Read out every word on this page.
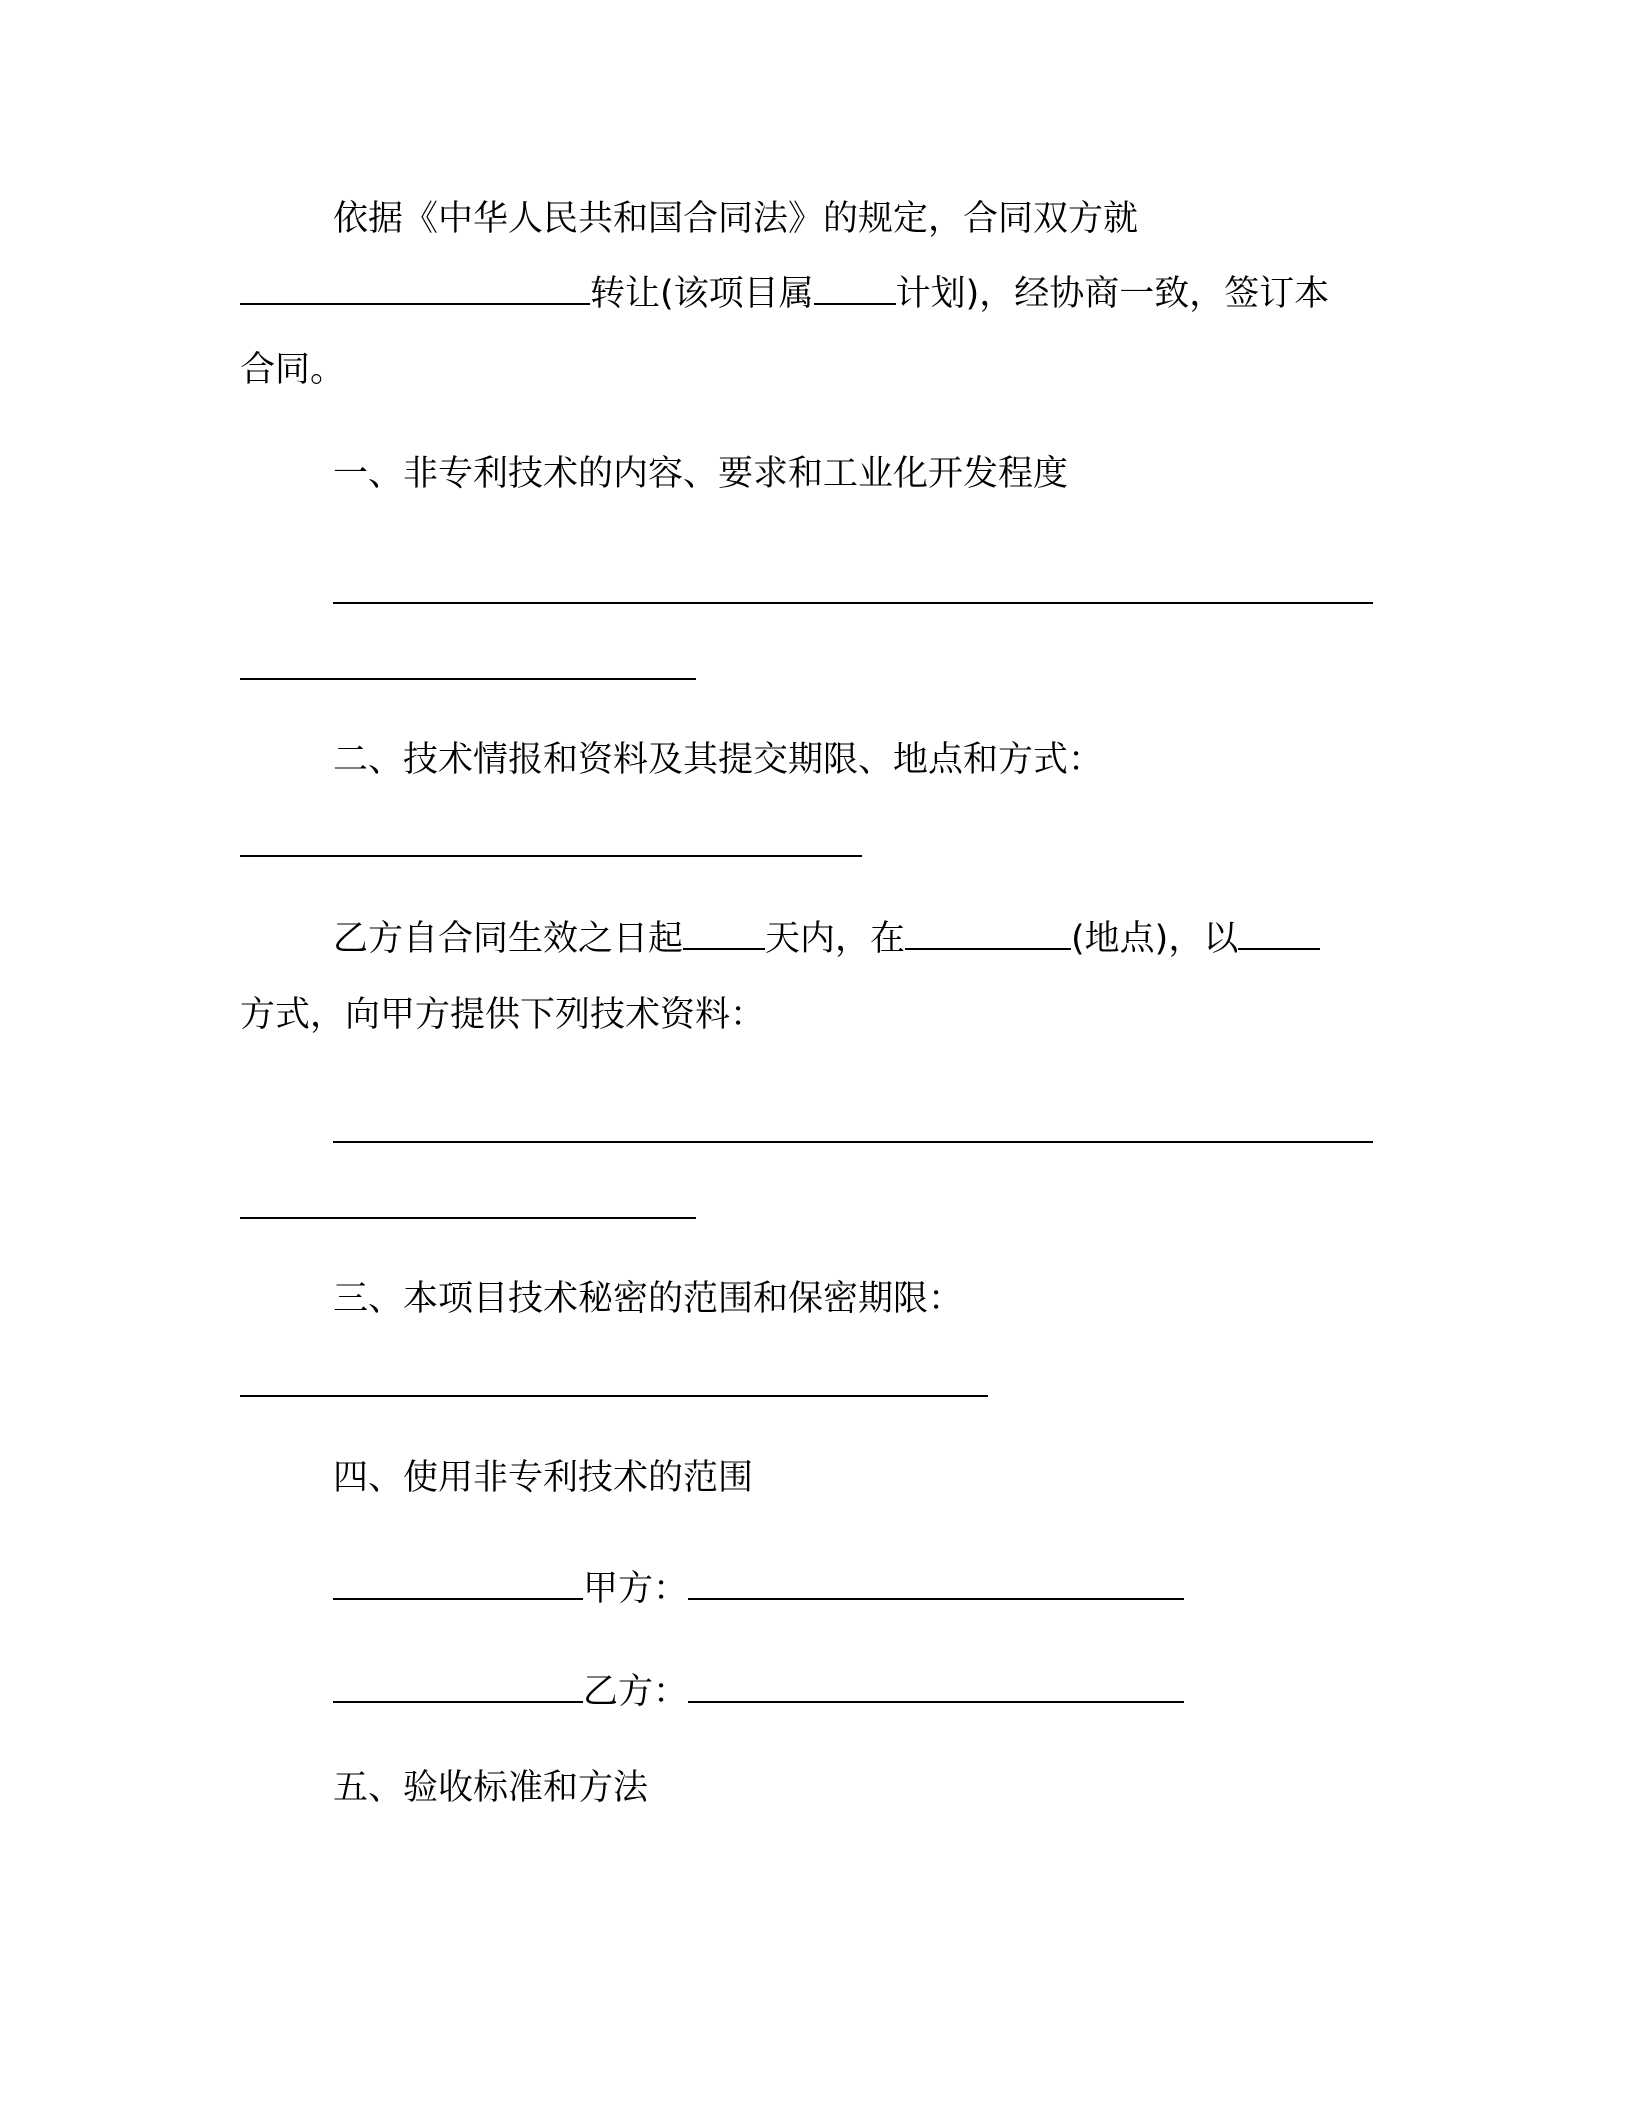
依据《中华人民共和国合同法》的规定，合同双方就
转让(该项目属 计划)，经协商一致，签订本
合同。
一、非专利技术的内容、要求和工业化开发程度
二、技术情报和资料及其提交期限、地点和方式：
乙方自合同生效之日起 天内，在	(地点)，以
方式，向甲方提供下列技术资料：
三、本项目技术秘密的范围和保密期限：
四、使用非专利技术的范围
甲方：
乙方：
五、验收标准和方法
